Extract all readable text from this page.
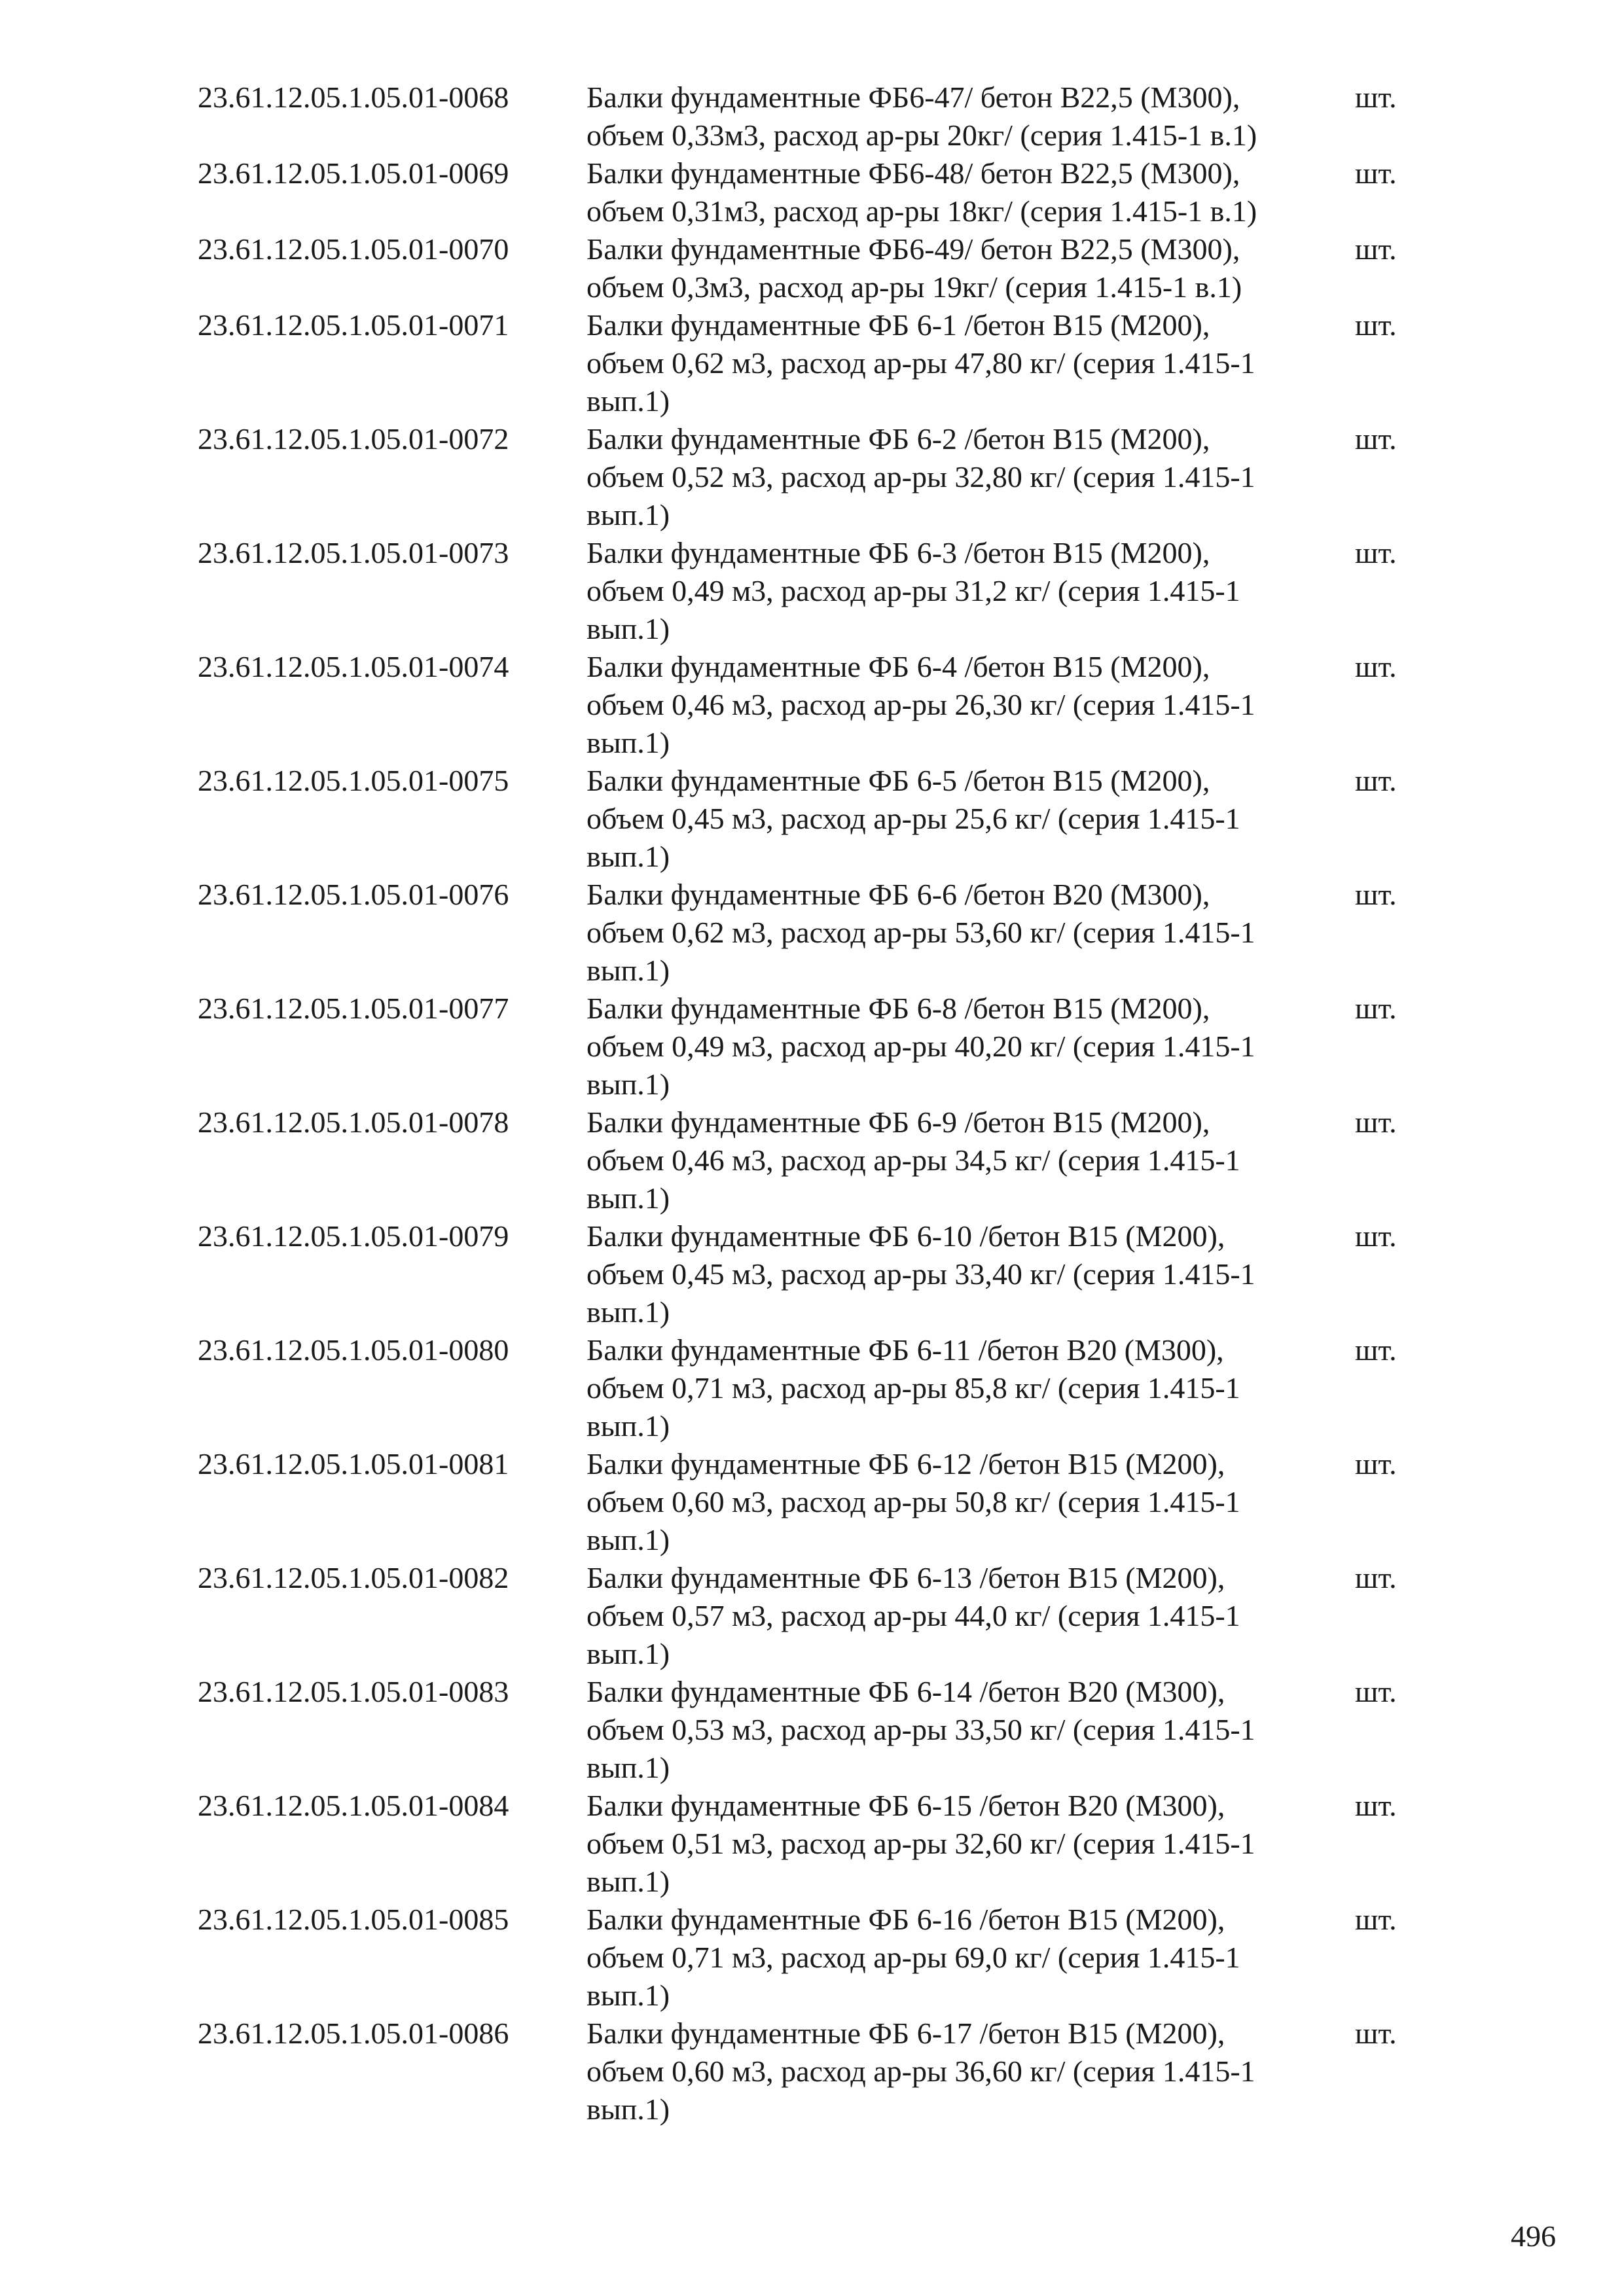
23.61.12.05.1.05.01-0068	Балки фундаментные ФБ6-47/ бетон В22,5 (М300),
объем 0,33м3, расход ар-ры 20кг/ (серия 1.415-1 в.1)
шт.
23.61.12.05.1.05.01-0069	Балки фундаментные ФБ6-48/ бетон В22,5 (М300),
объем 0,31м3, расход ар-ры 18кг/ (серия 1.415-1 в.1)
шт.
23.61.12.05.1.05.01-0070	Балки фундаментные ФБ6-49/ бетон В22,5 (М300),
объем 0,3м3, расход ар-ры 19кг/ (серия 1.415-1 в.1)
шт.
23.61.12.05.1.05.01-0071	Балки фундаментные ФБ 6-1 /бетон В15 (М200),
объем 0,62 м3, расход ар-ры 47,80 кг/ (серия 1.415-1
вып.1)
шт.
23.61.12.05.1.05.01-0072	Балки фундаментные ФБ 6-2 /бетон В15 (М200),
объем 0,52 м3, расход ар-ры 32,80 кг/ (серия 1.415-1
вып.1)
шт.
23.61.12.05.1.05.01-0073	Балки фундаментные ФБ 6-3 /бетон В15 (М200),
объем 0,49 м3, расход ар-ры 31,2 кг/ (серия 1.415-1
вып.1)
шт.
23.61.12.05.1.05.01-0074	Балки фундаментные ФБ 6-4 /бетон В15 (М200),
объем 0,46 м3, расход ар-ры 26,30 кг/ (серия 1.415-1
вып.1)
шт.
23.61.12.05.1.05.01-0075	Балки фундаментные ФБ 6-5 /бетон В15 (М200),
объем 0,45 м3, расход ар-ры 25,6 кг/ (серия 1.415-1
вып.1)
шт.
23.61.12.05.1.05.01-0076	Балки фундаментные ФБ 6-6 /бетон В20 (М300),
объем 0,62 м3, расход ар-ры 53,60 кг/ (серия 1.415-1
вып.1)
шт.
23.61.12.05.1.05.01-0077	Балки фундаментные ФБ 6-8 /бетон В15 (М200),
объем 0,49 м3, расход ар-ры 40,20 кг/ (серия 1.415-1
вып.1)
шт.
23.61.12.05.1.05.01-0078	Балки фундаментные ФБ 6-9 /бетон В15 (М200),
объем 0,46 м3, расход ар-ры 34,5 кг/ (серия 1.415-1
вып.1)
шт.
23.61.12.05.1.05.01-0079	Балки фундаментные ФБ 6-10 /бетон В15 (М200),
объем 0,45 м3, расход ар-ры 33,40 кг/ (серия 1.415-1
вып.1)
шт.
23.61.12.05.1.05.01-0080	Балки фундаментные ФБ 6-11 /бетон В20 (М300),
объем 0,71 м3, расход ар-ры 85,8 кг/ (серия 1.415-1
вып.1)
шт.
23.61.12.05.1.05.01-0081	Балки фундаментные ФБ 6-12 /бетон В15 (М200),
объем 0,60 м3, расход ар-ры 50,8 кг/ (серия 1.415-1
вып.1)
шт.
23.61.12.05.1.05.01-0082	Балки фундаментные ФБ 6-13 /бетон В15 (М200),
объем 0,57 м3, расход ар-ры 44,0 кг/ (серия 1.415-1
вып.1)
шт.
23.61.12.05.1.05.01-0083	Балки фундаментные ФБ 6-14 /бетон В20 (М300),
объем 0,53 м3, расход ар-ры 33,50 кг/ (серия 1.415-1
вып.1)
шт.
23.61.12.05.1.05.01-0084	Балки фундаментные ФБ 6-15 /бетон В20 (М300),
объем 0,51 м3, расход ар-ры 32,60 кг/ (серия 1.415-1
вып.1)
шт.
23.61.12.05.1.05.01-0085	Балки фундаментные ФБ 6-16 /бетон В15 (М200),
объем 0,71 м3, расход ар-ры 69,0 кг/ (серия 1.415-1
вып.1)
шт.
23.61.12.05.1.05.01-0086	Балки фундаментные ФБ 6-17 /бетон В15 (М200),
объем 0,60 м3, расход ар-ры 36,60 кг/ (серия 1.415-1
вып.1)
шт.
496
